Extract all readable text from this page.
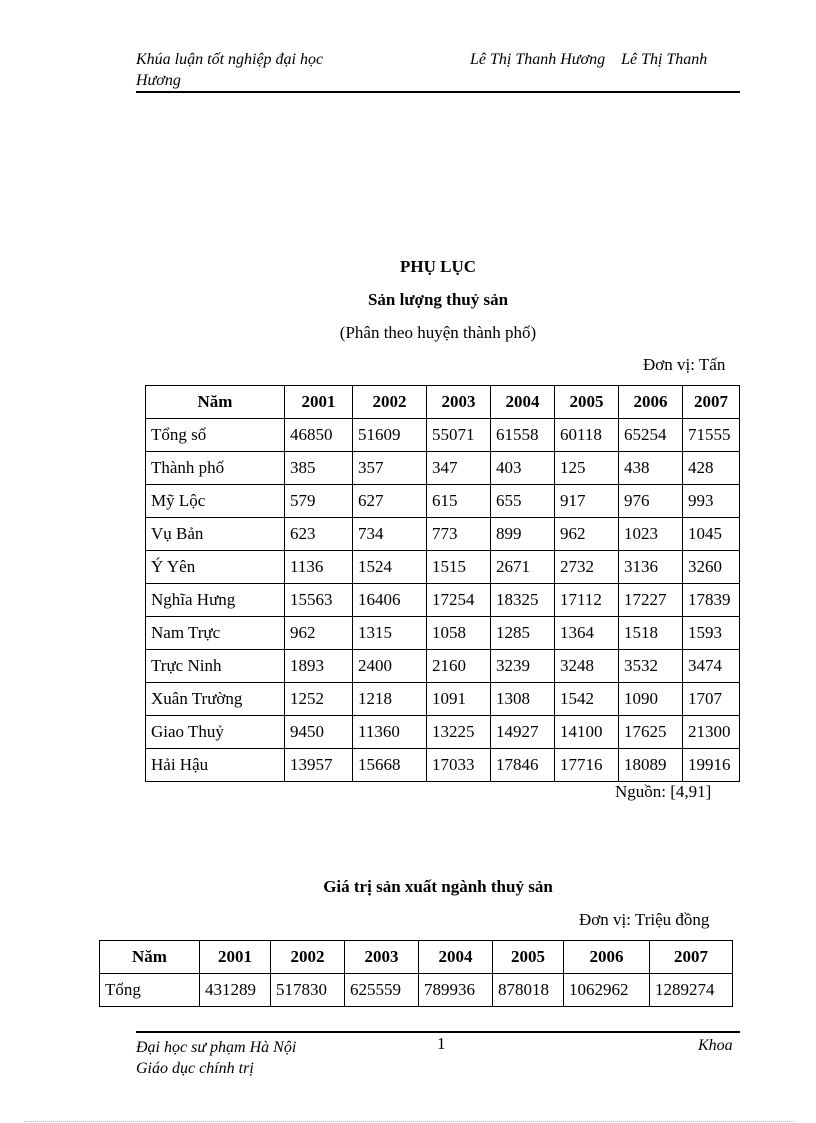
Khúa luận tốt nghiệp đại học Hương
Lê Thị Thanh Hương Lê Thị Thanh
PHỤ LỤC
Sản lượng thuỷ sản
(Phân theo huyện thành phố)
Đơn vị: Tấn
Năm	2001	2002	2003	2004	2005	2006	2007
Tổng số	46850	51609	55071	61558	60118	65254	71555
Thành phố	385	357	347	403	125	438	428
Mỹ Lộc	579	627	615	655	917	976	993
Vụ Bản	623	734	773	899	962	1023	1045
Ý Yên	1136	1524	1515	2671	2732	3136	3260
Nghĩa Hưng	15563	16406	17254	18325	17112	17227	17839
Nam Trực	962	1315	1058	1285	1364	1518	1593
Trực Ninh	1893	2400	2160	3239	3248	3532	3474
Xuân Trường	1252	1218	1091	1308	1542	1090	1707
Giao Thuỷ	9450	11360	13225	14927	14100	17625	21300
Hải Hậu	13957	15668	17033	17846	17716	18089	19916
Nguồn: [4,91]
Giá trị sản xuất ngành thuỷ sản
Đơn vị: Triệu đồng
Năm	2001	2002	2003	2004	2005	2006	2007
Tổng	431289	517830	625559	789936	878018	1062962	1289274
Đại học sư phạm Hà Nội
Giáo dục chính trị
1	Khoa
